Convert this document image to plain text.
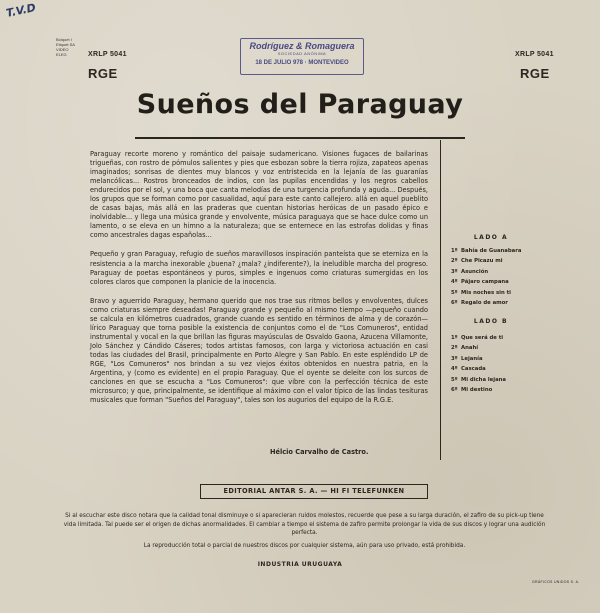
T.V.D
Bolquet I
Etiquet.SA
VIDEO
ELEG	XRLP 5041	XRLP 5041
RGE	RGE
Rodríguez & Romaguera
SOCIEDAD ANÓNIMA
18 DE JULIO 978 · MONTEVIDEO
Sueños del Paraguay

Paraguay recorte moreno y romántico del paisaje sudamericano. Visiones fugaces de bailarinas trigueñas, con rostro de pómulos salientes y pies que esbozan sobre la tierra rojiza, zapateos apenas imaginados; sonrisas de dientes muy blancos y voz entristecida en la lejanía de las guaranías melancólicas... Rostros bronceados de indios, con las pupilas encendidas y los negros cabellos endurecidos por el sol, y una boca que canta melodías de una turgencia profunda y aguda... Después, los grupos que se forman como por casualidad, aquí para este canto callejero. allá en aquel pueblito de casas bajas, más allá en las praderas que cuentan historias heróicas de un pasado épico e inolvidable... y llega una música grande y envolvente, música paraguaya que se hace dulce como un lamento, o se eleva en un himno a la naturaleza; que se enternece en las estrofas dolidas y finas como ancestrales dagas españolas...

Pequeño y gran Paraguay, refugio de sueños maravillosos inspiración panteísta que se eterniza en la resistencia a la marcha inexorable ¿buena? ¿mala? ¿indiferente?), la ineludible marcha del progreso. Paraguay de poetas espontáneos y puros, simples e ingenuos como criaturas sumergidas en los colores claros que componen la planicie de la inocencia.

Bravo y aguerrido Paraguay, hermano querido que nos trae sus ritmos bellos y envolventes, dulces como criaturas siempre deseadas! Paraguay grande y pequeño al mismo tiempo —pequeño cuando se calcula en kilómetros cuadrados, grande cuando es sentido en términos de alma y de corazón— lírico Paraguay que torna posible la existencia de conjuntos como el de "Los Comuneros", entidad instrumental y vocal en la que brillan las figuras mayúsculas de Osvaldo Gaona, Azucena Villamonte, Jolo Sánchez y Cándido Cáseres; todos artistas famosos, con larga y victoriosa actuación en casi todas las ciudades del Brasil, principalmente en Porto Alegre y San Pablo. En este espléndido LP de RGE, "Los Comuneros" nos brindan a su vez viejos éxitos obtenidos en nuestra patria, en la Argentina, y (como es evidente) en el propio Paraguay. Que el oyente se deleite con los surcos de canciones en que se escucha a "Los Comuneros": que vibre con la perfección técnica de este microsurco; y que, principalmente, se identifique al máximo con el valor típico de las lindas tesituras musicales que forman "Sueños del Paraguay", tales son los augurios del equipo de la R.G.E.

Hélcio Carvalho de Castro.
LADO A
1º Bahía de Guanabara
2º Che Picazu mi
3º Asunción
4º Pájaro campana
5º Mis noches sin ti
6º Regalo de amor
LADO B
1º Que será de ti
2º Anahí
3º Lejanía
4º Cascada
5º Mi dicha lejana
6º Mi destino
EDITORIAL ANTAR S. A. — HI FI TELEFUNKEN
Si al escuchar este disco notara que la calidad tonal disminuye o si aparecieran ruidos molestos, recuerde que pese a su larga duración, el zafiro de su pick-up tiene vida limitada. Tal puede ser el origen de dichas anormalidades. El cambiar a tiempo el sistema de zafiro permite prolongar la vida de sus discos y lograr una audición perfecta.
La reproducción total o parcial de nuestros discos por cualquier sistema, aún para uso privado, está prohibida.
INDUSTRIA URUGUAYA
GRÁFICOS UNIDOS S. A.
